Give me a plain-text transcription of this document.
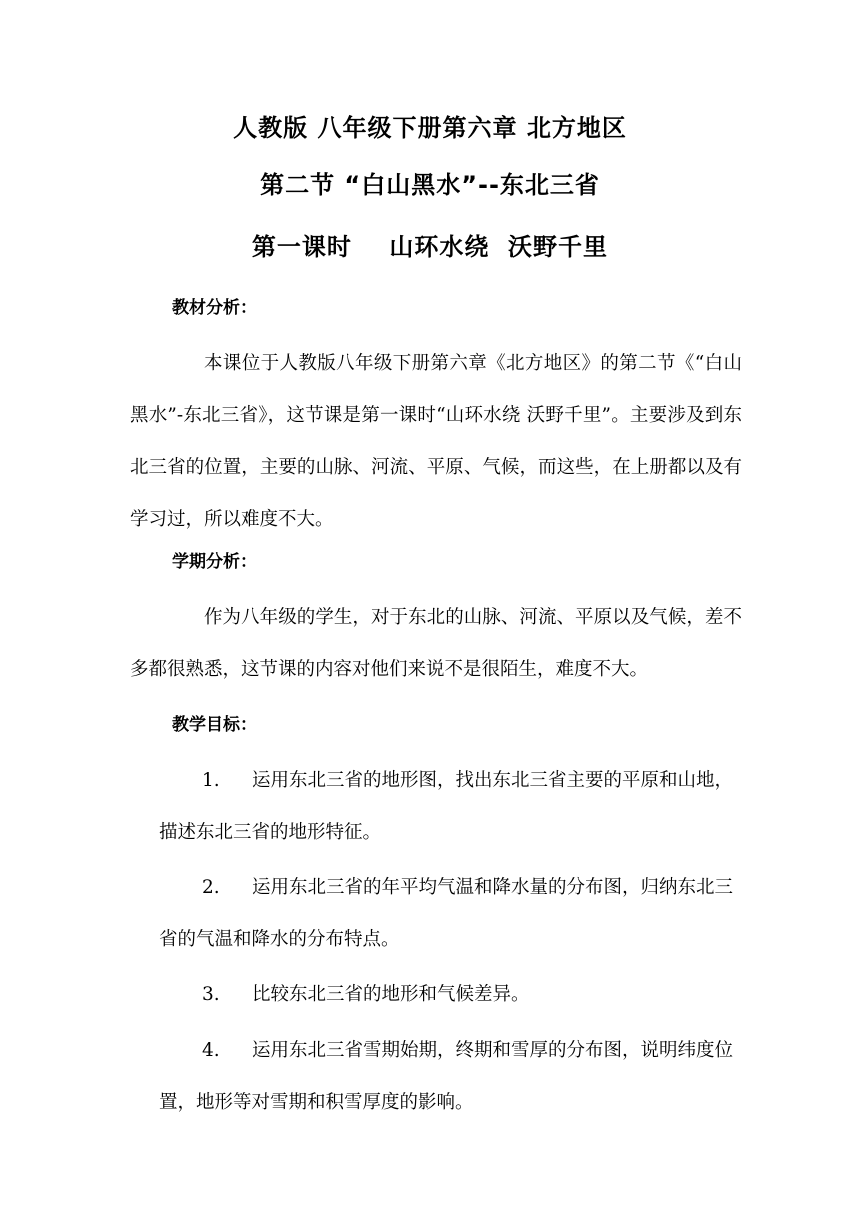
人教版 八年级下册第六章 北方地区
第二节 “白山黑水”--东北三省
第一课时    山环水绕  沃野千里
教材分析：

本课位于人教版八年级下册第六章《北方地区》的第二节《“白山黑水”-东北三省》，这节课是第一课时“山环水绕 沃野千里”。主要涉及到东北三省的位置，主要的山脉、河流、平原、气候，而这些，在上册都以及有学习过，所以难度不大。

学期分析：

作为八年级的学生，对于东北的山脉、河流、平原以及气候，差不多都很熟悉，这节课的内容对他们来说不是很陌生，难度不大。

教学目标：

1. 运用东北三省的地形图，找出东北三省主要的平原和山地，描述东北三省的地形特征。

2. 运用东北三省的年平均气温和降水量的分布图，归纳东北三省的气温和降水的分布特点。

3. 比较东北三省的地形和气候差异。

4. 运用东北三省雪期始期，终期和雪厚的分布图，说明纬度位置，地形等对雪期和积雪厚度的影响。
